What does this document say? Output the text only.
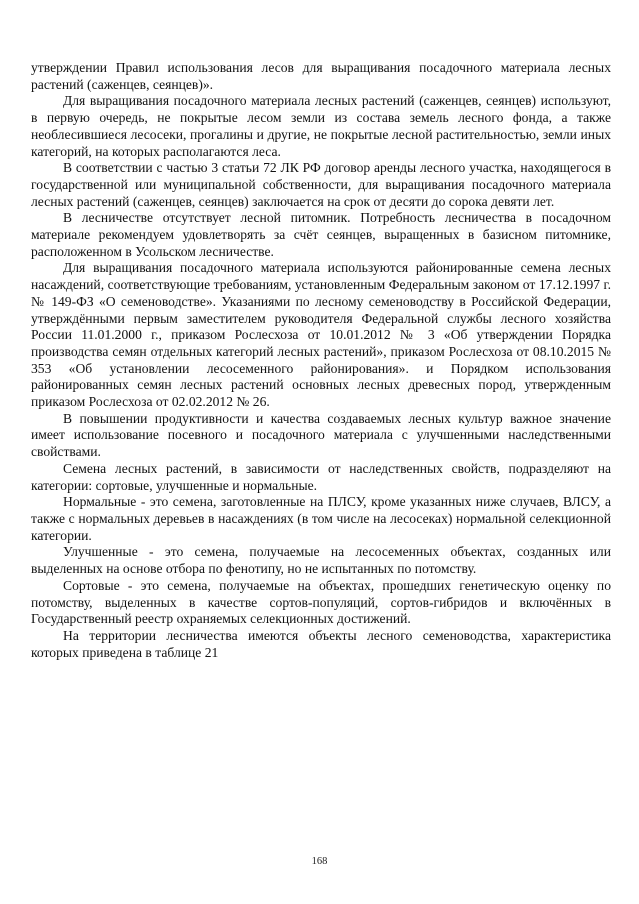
утверждении Правил использования лесов для выращивания посадочного материала лесных растений (саженцев, сеянцев)».

Для выращивания посадочного материала лесных растений (саженцев, сеянцев) используют, в первую очередь, не покрытые лесом земли из состава земель лесного фонда, а также необлесившиеся лесосеки, прогалины и другие, не покрытые лесной растительностью, земли иных категорий, на которых располагаются леса.

В соответствии с частью 3 статьи 72 ЛК РФ договор аренды лесного участка, находящегося в государственной или муниципальной собственности, для выращивания посадочного материала лесных растений (саженцев, сеянцев) заключается на срок от десяти до сорока девяти лет.

В лесничестве отсутствует лесной питомник. Потребность лесничества в посадочном материале рекомендуем удовлетворять за счёт сеянцев, выращенных в базисном питомнике, расположенном в Усольском лесничестве.

Для выращивания посадочного материала используются районированные семена лесных насаждений, соответствующие требованиям, установленным Федеральным законом от 17.12.1997 г. № 149-ФЗ «О семеноводстве». Указаниями по лесному семеноводству в Российской Федерации, утверждёнными первым заместителем руководителя Федеральной службы лесного хозяйства России 11.01.2000 г., приказом Рослесхоза от 10.01.2012 № 3 «Об утверждении Порядка производства семян отдельных категорий лесных растений», приказом Рослесхоза от 08.10.2015 № 353 «Об установлении лесосеменного районирования». и Порядком использования районированных семян лесных растений основных лесных древесных пород, утвержденным приказом Рослесхоза от 02.02.2012 № 26.

В повышении продуктивности и качества создаваемых лесных культур важное значение имеет использование посевного и посадочного материала с улучшенными наследственными свойствами.

Семена лесных растений, в зависимости от наследственных свойств, подразделяют на категории: сортовые, улучшенные и нормальные.

Нормальные - это семена, заготовленные на ПЛСУ, кроме указанных ниже случаев, ВЛСУ, а также с нормальных деревьев в насаждениях (в том числе на лесосеках) нормальной селекционной категории.

Улучшенные - это семена, получаемые на лесосеменных объектах, созданных или выделенных на основе отбора по фенотипу, но не испытанных по потомству.

Сортовые - это семена, получаемые на объектах, прошедших генетическую оценку по потомству, выделенных в качестве сортов-популяций, сортов-гибридов и включённых в Государственный реестр охраняемых селекционных достижений.

На территории лесничества имеются объекты лесного семеноводства, характеристика которых приведена в таблице 21

168
